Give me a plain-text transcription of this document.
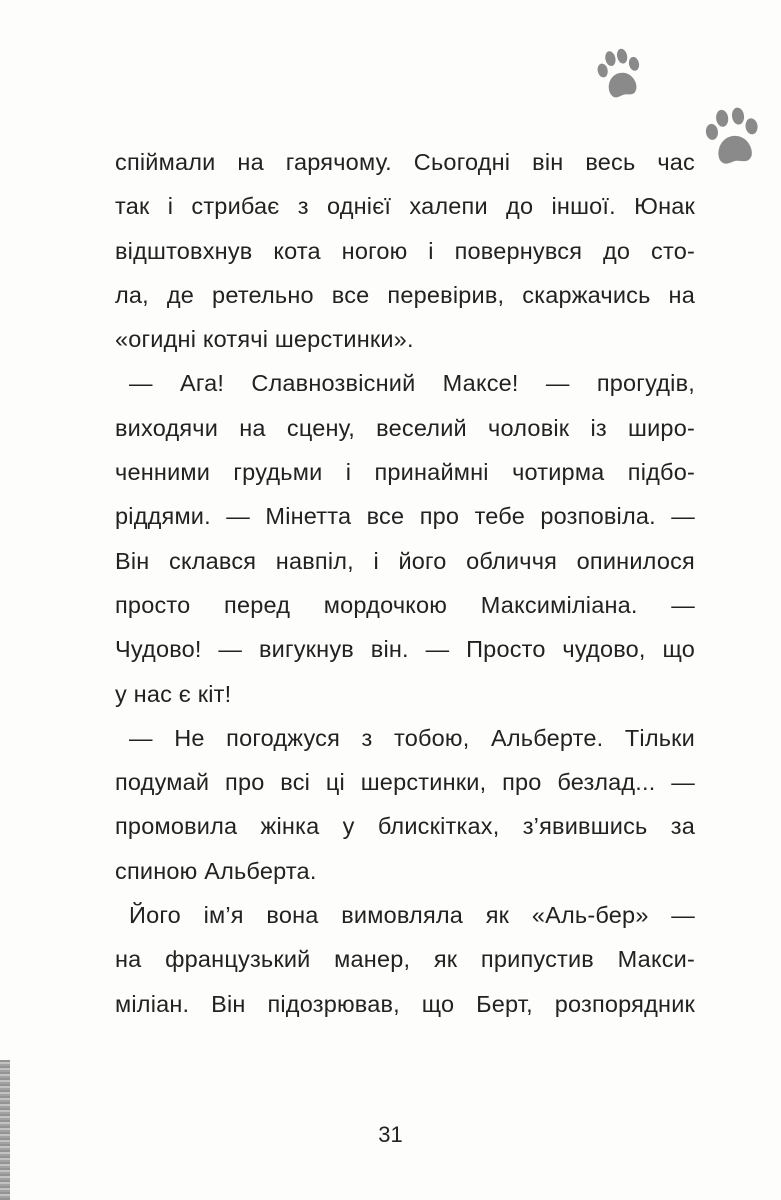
спіймали на гарячому. Сьогодні він весь час
так і стрибає з однієї халепи до іншої. Юнак
відштовхнув кота ногою і повернувся до сто-
ла, де ретельно все перевірив, скаржачись на
«огидні котячі шерстинки».

— Ага! Славнозвісний Максе! — прогудів,
виходячи на сцену, веселий чоловік із широ-
ченними грудьми і принаймні чотирма підбо-
ріддями. — Мінетта все про тебе розповіла. —
Він склався навпіл, і його обличчя опинилося
просто перед мордочкою Максиміліана. —
Чудово! — вигукнув він. — Просто чудово, що
у нас є кіт!

— Не погоджуся з тобою, Альберте. Тільки
подумай про всі ці шерстинки, про безлад... —
промовила жінка у блискітках, з’явившись за
спиною Альберта.

Його ім’я вона вимовляла як «Аль-бер» —
на французький манер, як припустив Макси-
міліан. Він підозрював, що Берт, розпорядник

31
